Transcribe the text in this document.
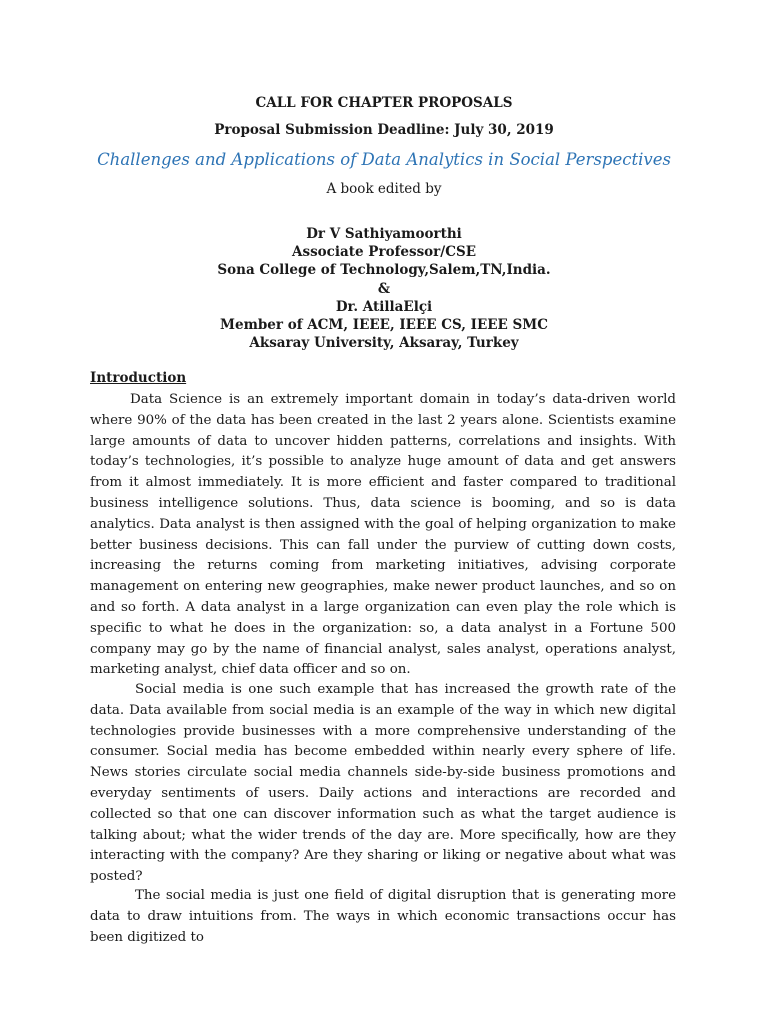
CALL FOR CHAPTER PROPOSALS
Proposal Submission Deadline: July 30, 2019
Challenges and Applications of Data Analytics in Social Perspectives
A book edited by
Dr V Sathiyamoorthi
Associate Professor/CSE
Sona College of Technology,Salem,TN,India.
&
Dr. AtillaElçi
Member of ACM, IEEE, IEEE CS, IEEE SMC
Aksaray University, Aksaray, Turkey
Introduction

Data Science is an extremely important domain in today’s data-driven world where 90% of the data has been created in the last 2 years alone. Scientists examine large amounts of data to uncover hidden patterns, correlations and insights. With today’s technologies, it’s possible to analyze huge amount of data and get answers from it almost immediately. It is more efficient and faster compared to traditional business intelligence solutions. Thus, data science is booming, and so is data analytics. Data analyst is then assigned with the goal of helping organization to make better business decisions. This can fall under the purview of cutting down costs, increasing the returns coming from marketing initiatives, advising corporate management on entering new geographies, make newer product launches, and so on and so forth. A data analyst in a large organization can even play the role which is specific to what he does in the organization: so, a data analyst in a Fortune 500 company may go by the name of financial analyst, sales analyst, operations analyst, marketing analyst, chief data officer and so on.

Social media is one such example that has increased the growth rate of the data. Data available from social media is an example of the way in which new digital technologies provide businesses with a more comprehensive understanding of the consumer. Social media has become embedded within nearly every sphere of life. News stories circulate social media channels side-by-side business promotions and everyday sentiments of users. Daily actions and interactions are recorded and collected so that one can discover information such as what the target audience is talking about; what the wider trends of the day are. More specifically, how are they interacting with the company? Are they sharing or liking or negative about what was posted?

The social media is just one field of digital disruption that is generating more data to draw intuitions from. The ways in which economic transactions occur has been digitized to
